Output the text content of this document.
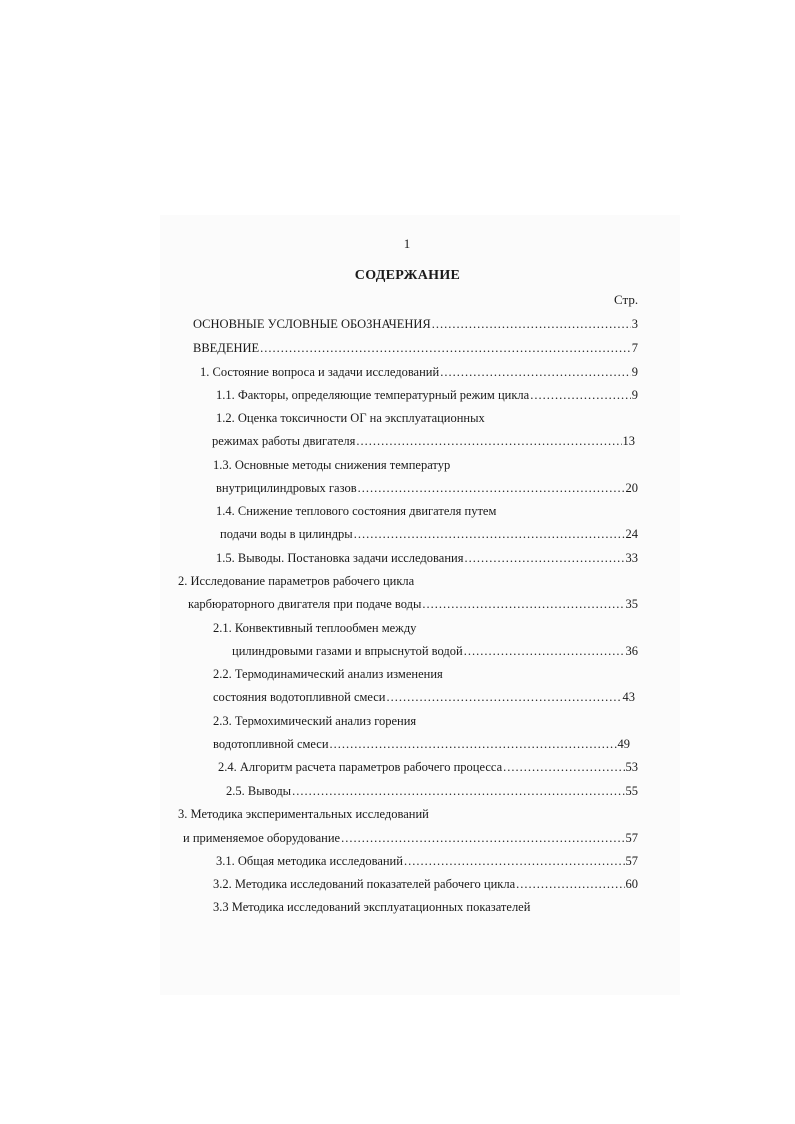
1
СОДЕРЖАНИЕ
Стр.
ОСНОВНЫЕ УСЛОВНЫЕ ОБОЗНАЧЕНИЯ .....	3
ВВЕДЕНИЕ .....	7
1. Состояние вопроса и задачи исследований .....	9
1.1. Факторы, определяющие температурный режим цикла .....	9
1.2. Оценка токсичности ОГ на эксплуатационных
режимах работы двигателя .....	13
1.3. Основные методы снижения температур
внутрицилиндровых газов .....	20
1.4. Снижение теплового состояния двигателя путем
подачи воды в цилиндры .....	24
1.5. Выводы. Постановка задачи исследования .....	33
2. Исследование параметров рабочего цикла
карбюраторного двигателя при подаче воды .....	35
2.1. Конвективный теплообмен между
цилиндровыми газами и впрыснутой водой .....	36
2.2. Термодинамический анализ изменения
состояния водотопливной смеси .....	43
2.3. Термохимический анализ горения
водотопливной смеси .....	49
2.4. Алгоритм расчета параметров рабочего процесса .....	53
2.5. Выводы .....	55
3. Методика экспериментальных исследований
и применяемое оборудование .....	57
3.1. Общая методика исследований .....	57
3.2. Методика исследований показателей рабочего цикла .....	60
3.3 Методика исследований эксплуатационных показателей
